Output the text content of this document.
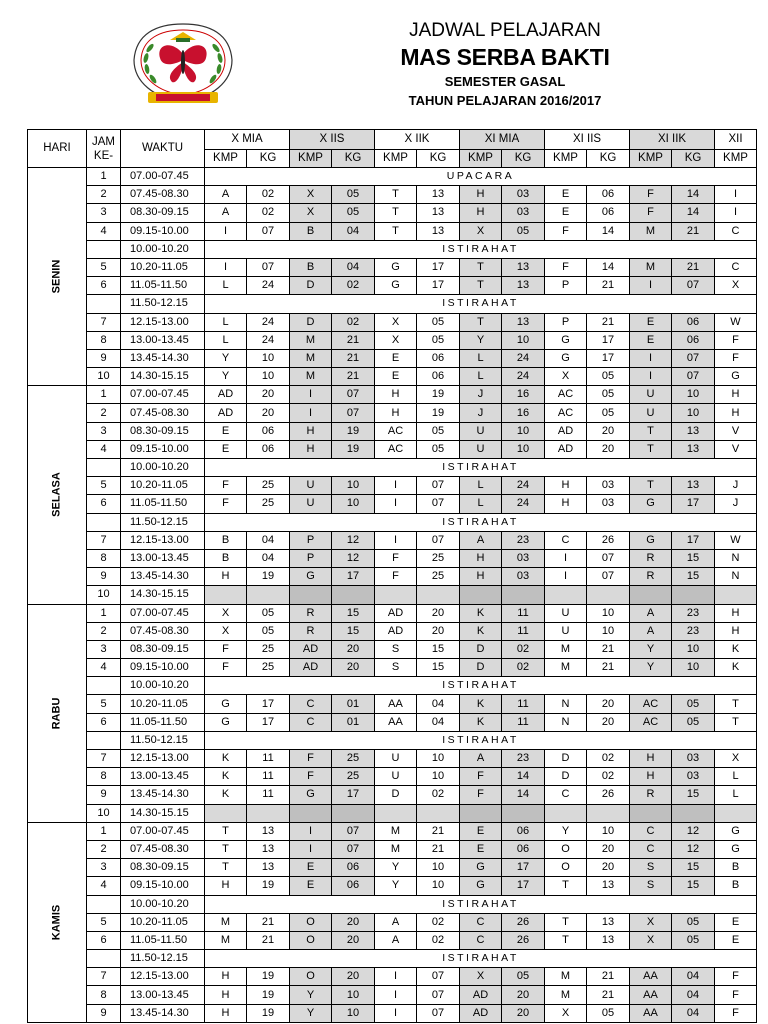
JADWAL PELAJARAN
MAS SERBA BAKTI
SEMESTER GASAL
TAHUN PELAJARAN 2016/2017
HARI	JAM
KE-	WAKTU	X MIA		X IIS		X IIK		XI MIA		XI IIS		XI IIK		XII
			KMP	KG	KMP	KG	KMP	KG	KMP	KG	KMP	KG	KMP	KG	KMP

SENIN	1	07.00-07.45	UPACARA												
	2	07.45-08.30	A	02	X	05	T	13	H	03	E	06	F	14	I
	3	08.30-09.15	A	02	X	05	T	13	H	03	E	06	F	14	I
	4	09.15-10.00	I	07	B	04	T	13	X	05	F	14	M	21	C
		10.00-10.20	ISTIRAHAT												
	5	10.20-11.05	I	07	B	04	G	17	T	13	F	14	M	21	C
	6	11.05-11.50	L	24	D	02	G	17	T	13	P	21	I	07	X
		11.50-12.15	ISTIRAHAT												
	7	12.15-13.00	L	24	D	02	X	05	T	13	P	21	E	06	W
	8	13.00-13.45	L	24	M	21	X	05	Y	10	G	17	E	06	F
	9	13.45-14.30	Y	10	M	21	E	06	L	24	G	17	I	07	F
	10	14.30-15.15	Y	10	M	21	E	06	L	24	X	05	I	07	G

SELASA	1	07.00-07.45	AD	20	I	07	H	19	J	16	AC	05	U	10	H
	2	07.45-08.30	AD	20	I	07	H	19	J	16	AC	05	U	10	H
	3	08.30-09.15	E	06	H	19	AC	05	U	10	AD	20	T	13	V
	4	09.15-10.00	E	06	H	19	AC	05	U	10	AD	20	T	13	V
		10.00-10.20	ISTIRAHAT												
	5	10.20-11.05	F	25	U	10	I	07	L	24	H	03	T	13	J
	6	11.05-11.50	F	25	U	10	I	07	L	24	H	03	G	17	J
		11.50-12.15	ISTIRAHAT												
	7	12.15-13.00	B	04	P	12	I	07	A	23	C	26	G	17	W
	8	13.00-13.45	B	04	P	12	F	25	H	03	I	07	R	15	N
	9	13.45-14.30	H	19	G	17	F	25	H	03	I	07	R	15	N
	10	14.30-15.15													

RABU	1	07.00-07.45	X	05	R	15	AD	20	K	11	U	10	A	23	H
	2	07.45-08.30	X	05	R	15	AD	20	K	11	U	10	A	23	H
	3	08.30-09.15	F	25	AD	20	S	15	D	02	M	21	Y	10	K
	4	09.15-10.00	F	25	AD	20	S	15	D	02	M	21	Y	10	K
		10.00-10.20	ISTIRAHAT												
	5	10.20-11.05	G	17	C	01	AA	04	K	11	N	20	AC	05	T
	6	11.05-11.50	G	17	C	01	AA	04	K	11	N	20	AC	05	T
		11.50-12.15	ISTIRAHAT												
	7	12.15-13.00	K	11	F	25	U	10	A	23	D	02	H	03	X
	8	13.00-13.45	K	11	F	25	U	10	F	14	D	02	H	03	L
	9	13.45-14.30	K	11	G	17	D	02	F	14	C	26	R	15	L
	10	14.30-15.15													

KAMIS	1	07.00-07.45	T	13	I	07	M	21	E	06	Y	10	C	12	G
	2	07.45-08.30	T	13	I	07	M	21	E	06	O	20	C	12	G
	3	08.30-09.15	T	13	E	06	Y	10	G	17	O	20	S	15	B
	4	09.15-10.00	H	19	E	06	Y	10	G	17	T	13	S	15	B
		10.00-10.20	ISTIRAHAT												
	5	10.20-11.05	M	21	O	20	A	02	C	26	T	13	X	05	E
	6	11.05-11.50	M	21	O	20	A	02	C	26	T	13	X	05	E
		11.50-12.15	ISTIRAHAT												
	7	12.15-13.00	H	19	O	20	I	07	X	05	M	21	AA	04	F
	8	13.00-13.45	H	19	Y	10	I	07	AD	20	M	21	AA	04	F
	9	13.45-14.30	H	19	Y	10	I	07	AD	20	X	05	AA	04	F
